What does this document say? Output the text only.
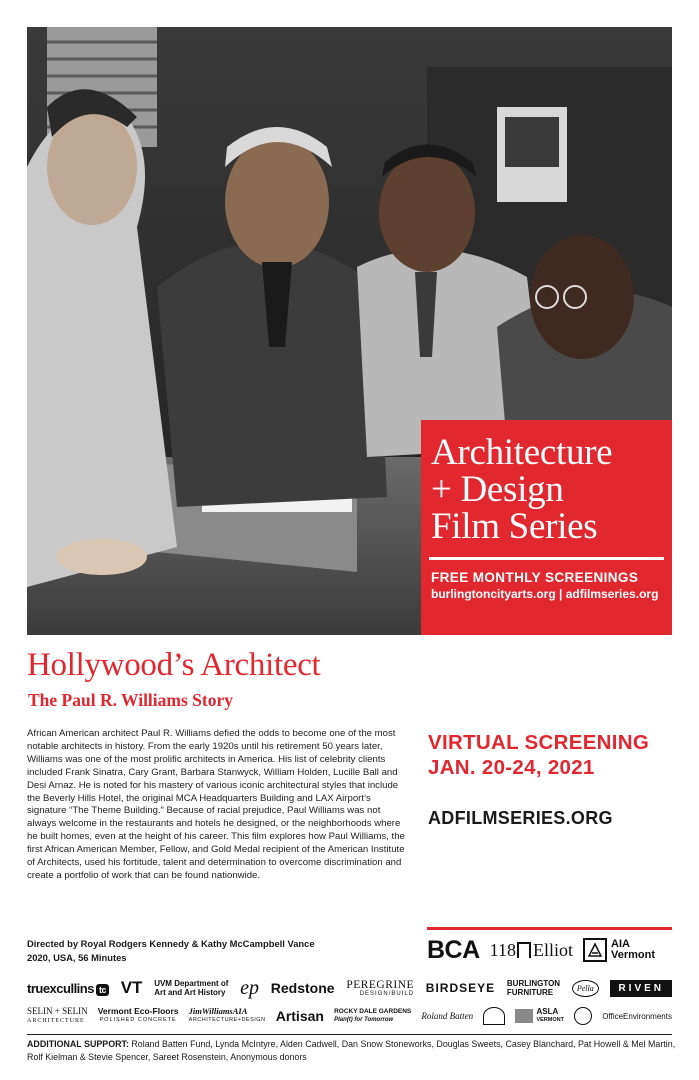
Architecture
+ Design
Film Series
FREE MONTHLY SCREENINGS
burlingtoncityarts.org | adfilmseries.org
Hollywood’s Architect
The Paul R. Williams Story

African American architect Paul R. Williams defied the odds to become one of the most notable architects in history. From the early 1920s until his retirement 50 years later, Williams was one of the most prolific architects in America. His list of celebrity clients included Frank Sinatra, Cary Grant, Barbara Stanwyck, William Holden, Lucille Ball and Desi Arnaz. He is noted for his mastery of various iconic architectural styles that include the Beverly Hills Hotel, the original MCA Headquarters Building and LAX Airport’s signature “The Theme Building.” Because of racial prejudice, Paul Williams was not always welcome in the restaurants and hotels he designed, or the neighborhoods where he built homes, even at the height of his career. This film explores how Paul Williams, the first African American Member, Fellow, and Gold Medal recipient of the American Institute of Architects, used his fortitude, talent and determination to overcome discrimination and create a portfolio of work that can be found nationwide.

Directed by Royal Rodgers Kennedy & Kathy McCampbell Vance
2020, USA, 56 Minutes
VIRTUAL SCREENING
JAN. 20-24, 2021
ADFILMSERIES.ORG
BCA 118 Elliot	AIA
Vermont
truexcullins tc VT UVM Department of
Art and Art History ep Redstone PEREGRINE
DESIGN/BUILD BIRDSEYE BURLINGTON
FURNITURE	Pella	RIVEN
SELIN + SELIN
ARCHITECTURE
Vermont Eco-Floors
POLISHED CONCRETE
JimWilliamsAIA
ARCHITECTURE+DESIGN Artisan ROCKY DALE GARDENS
Plan(t) for Tomorrow	Roland Batten	ASLA
VERMONT	OfficeEnvironments

ADDITIONAL SUPPORT: Roland Batten Fund, Lynda McIntyre, Alden Cadwell, Dan Snow Stoneworks, Douglas Sweets, Casey Blanchard, Pat Howell & Mel Martin, Rolf Kielman & Stevie Spencer, Sareet Rosenstein, Anonymous donors
